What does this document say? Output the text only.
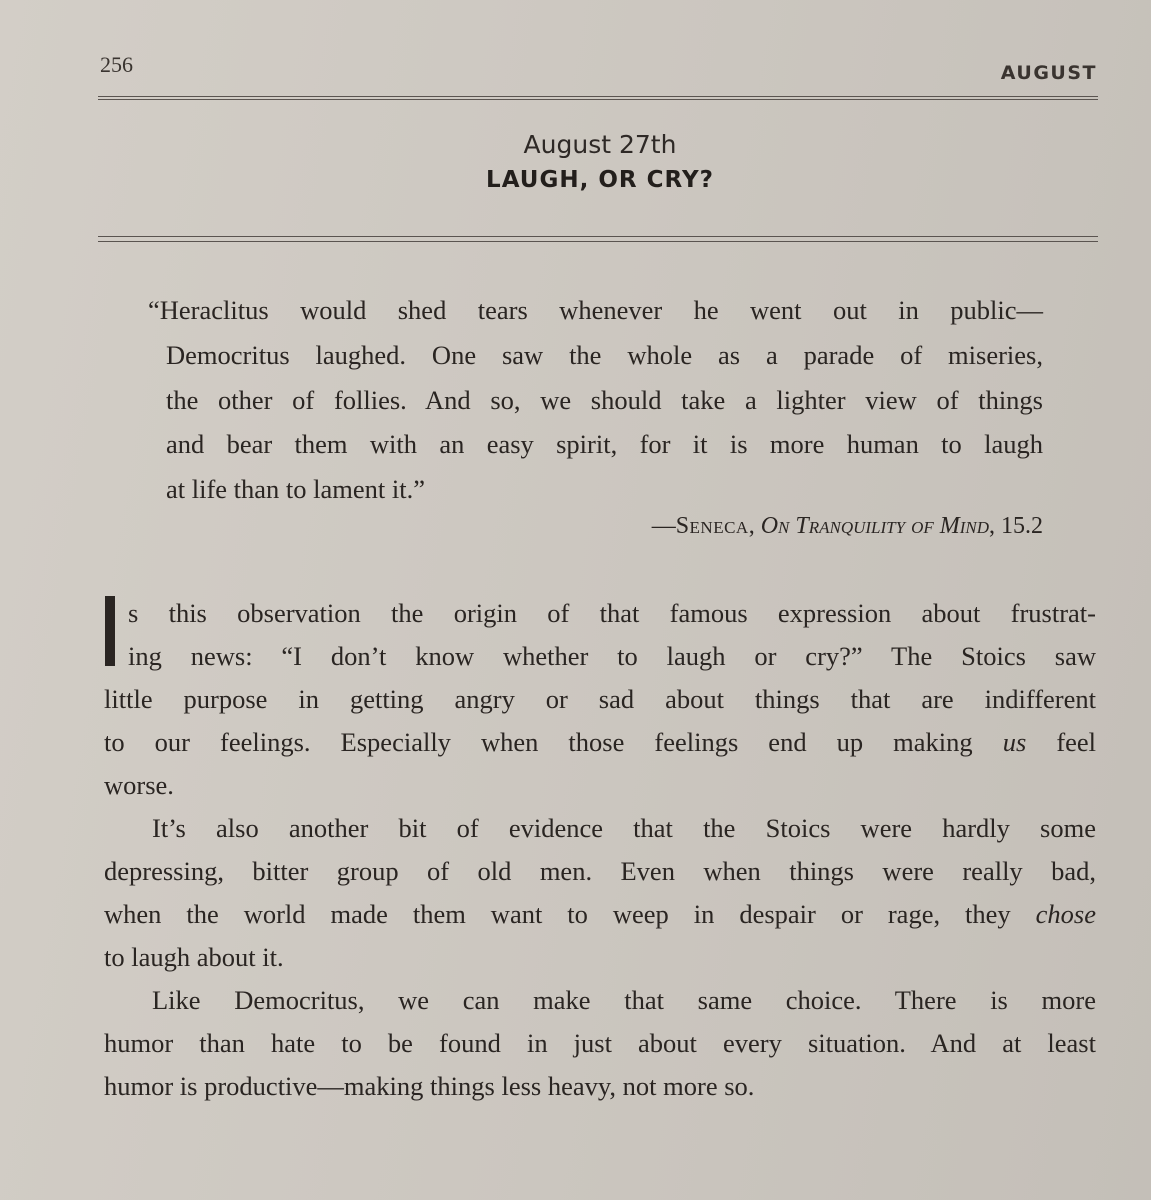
256	AUGUST
August 27th
LAUGH, OR CRY?
“Heraclitus would shed tears whenever he went out in public—
Democritus laughed. One saw the whole as a parade of miseries,
the other of follies. And so, we should take a lighter view of things
and bear them with an easy spirit, for it is more human to laugh
at life than to lament it.”
—Seneca, On Tranquility of Mind, 15.2
s this observation the origin of that famous expression about frustrat-
ing news: “I don’t know whether to laugh or cry?” The Stoics saw
little purpose in getting angry or sad about things that are indifferent
to our feelings. Especially when those feelings end up making us feel
worse.
It’s also another bit of evidence that the Stoics were hardly some
depressing, bitter group of old men. Even when things were really bad,
when the world made them want to weep in despair or rage, they chose
to laugh about it.
Like Democritus, we can make that same choice. There is more
humor than hate to be found in just about every situation. And at least
humor is productive—making things less heavy, not more so.
